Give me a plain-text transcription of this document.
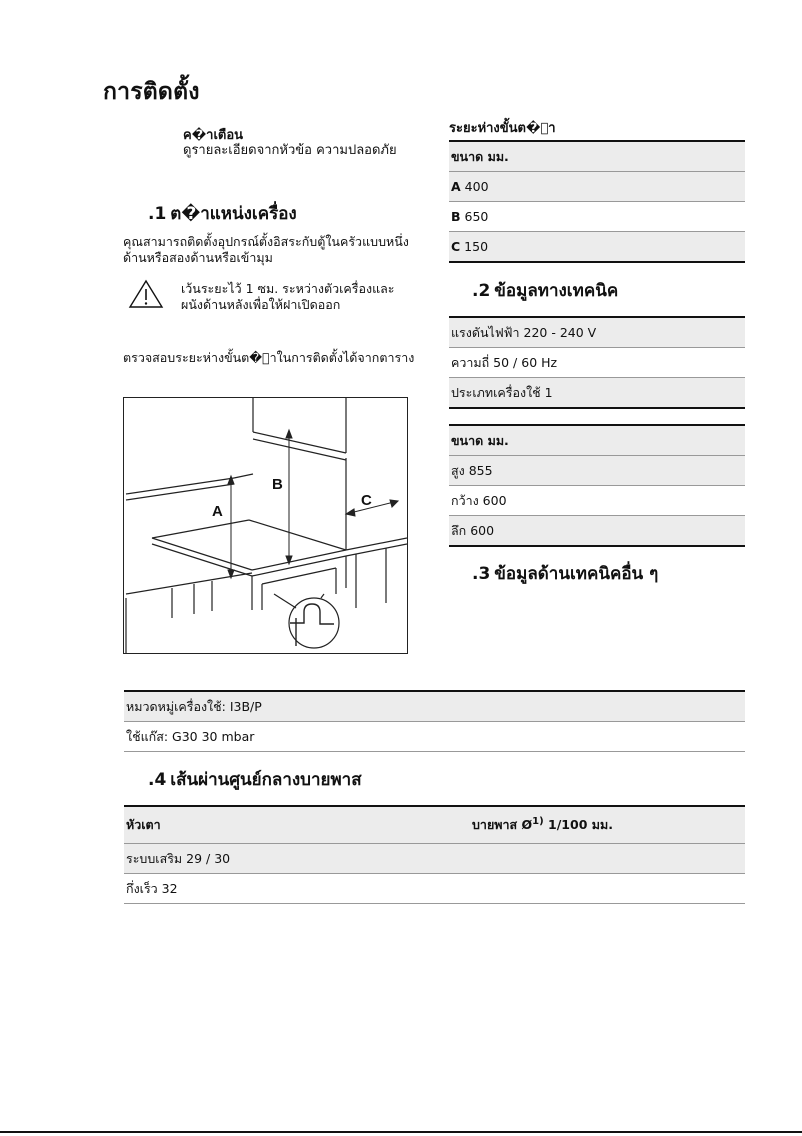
การติดตั้ง
ค�าเตือน
ดูรายละเอียดจากหัวข้อ ความปลอดภัย
.1 ต�าแหน่งเครื่อง
คุณสามารถติดตั้งอุปกรณ์ตั้งอิสระกับตู้ในครัวแบบหนึ่งด้านหรือสองด้านหรือเข้ามุม
เว้นระยะไว้ 1 ซม. ระหว่างตัวเครื่องและผนังด้านหลังเพื่อให้ฝาเปิดออก
ตรวจสอบระยะห่างขั้นต�่าในการติดตั้งได้จากตาราง
A
B
C
ระยะห่างขั้นต�่า
ขนาด มม.
A 400
B 650
C 150
.2 ข้อมูลทางเทคนิค
แรงดันไฟฟ้า 220 - 240 V
ความถี่ 50 / 60 Hz
ประเภทเครื่องใช้ 1
ขนาด มม.
สูง 855
กว้าง 600
ลึก 600
.3 ข้อมูลด้านเทคนิคอื่น ๆ
หมวดหมู่เครื่องใช้: I3B/P
ใช้แก๊ส: G30 30 mbar
.4 เส้นผ่านศูนย์กลางบายพาส
หัวเตา	บายพาส $Ø^{1)}$ 1/100 มม.
ระบบเสริม 29 / 30
กึ่งเร็ว 32
